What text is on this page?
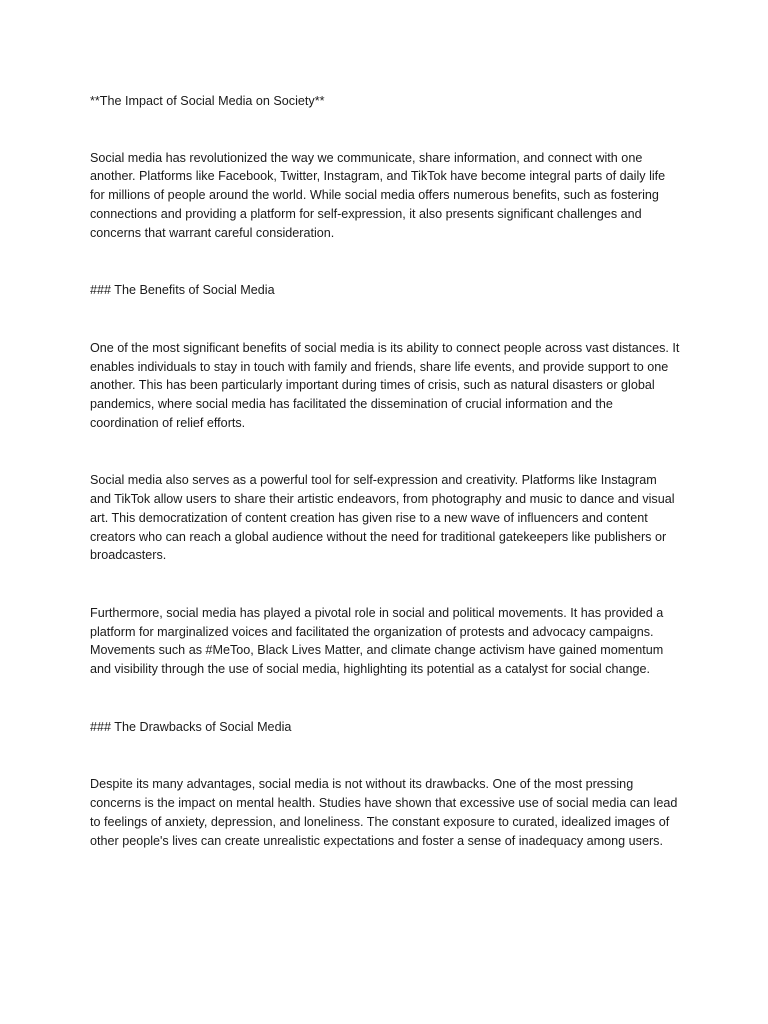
**The Impact of Social Media on Society**

Social media has revolutionized the way we communicate, share information, and connect with one another. Platforms like Facebook, Twitter, Instagram, and TikTok have become integral parts of daily life for millions of people around the world. While social media offers numerous benefits, such as fostering connections and providing a platform for self-expression, it also presents significant challenges and concerns that warrant careful consideration.

### The Benefits of Social Media

One of the most significant benefits of social media is its ability to connect people across vast distances. It enables individuals to stay in touch with family and friends, share life events, and provide support to one another. This has been particularly important during times of crisis, such as natural disasters or global pandemics, where social media has facilitated the dissemination of crucial information and the coordination of relief efforts.

Social media also serves as a powerful tool for self-expression and creativity. Platforms like Instagram and TikTok allow users to share their artistic endeavors, from photography and music to dance and visual art. This democratization of content creation has given rise to a new wave of influencers and content creators who can reach a global audience without the need for traditional gatekeepers like publishers or broadcasters.

Furthermore, social media has played a pivotal role in social and political movements. It has provided a platform for marginalized voices and facilitated the organization of protests and advocacy campaigns. Movements such as #MeToo, Black Lives Matter, and climate change activism have gained momentum and visibility through the use of social media, highlighting its potential as a catalyst for social change.

### The Drawbacks of Social Media

Despite its many advantages, social media is not without its drawbacks. One of the most pressing concerns is the impact on mental health. Studies have shown that excessive use of social media can lead to feelings of anxiety, depression, and loneliness. The constant exposure to curated, idealized images of other people's lives can create unrealistic expectations and foster a sense of inadequacy among users.
